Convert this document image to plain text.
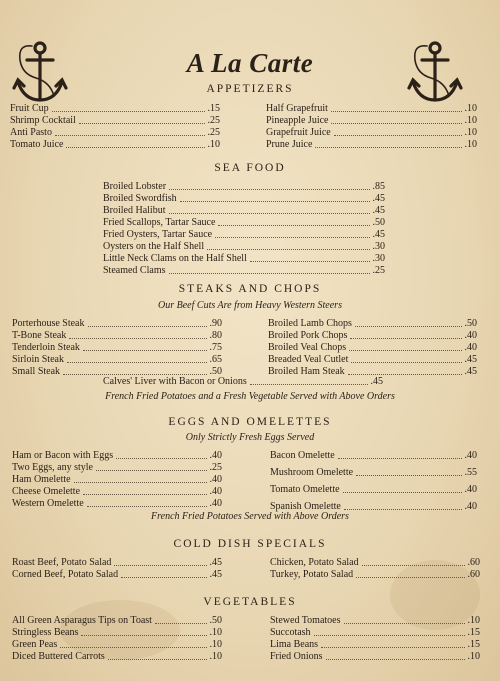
A La Carte
APPETIZERS
Fruit Cup	.15
Shrimp Cocktail	.25
Anti Pasto	.25
Tomato Juice	.10
Half Grapefruit	.10
Pineapple Juice	.10
Grapefruit Juice	.10
Prune Juice	.10
SEA FOOD
Broiled Lobster	.85
Broiled Swordfish	.45
Broiled Halibut	.45
Fried Scallops, Tartar Sauce	.50
Fried Oysters, Tartar Sauce	.45
Oysters on the Half Shell	.30
Little Neck Clams on the Half Shell	.30
Steamed Clams	.25
STEAKS AND CHOPS
Our Beef Cuts Are from Heavy Western Steers
Porterhouse Steak	.90
T-Bone Steak	.80
Tenderloin Steak	.75
Sirloin Steak	.65
Small Steak	.50
Broiled Lamb Chops	.50
Broiled Pork Chops	.40
Broiled Veal Chops	.40
Breaded Veal Cutlet	.45
Broiled Ham Steak	.45
Calves' Liver with Bacon or Onions	.45
French Fried Potatoes and a Fresh Vegetable Served with Above Orders
EGGS AND OMELETTES
Only Strictly Fresh Eggs Served
Ham or Bacon with Eggs	.40
Two Eggs, any style	.25
Ham Omelette	.40
Cheese Omelette	.40
Western Omelette	.40
Bacon Omelette	.40
Mushroom Omelette	.55
Tomato Omelette	.40
Spanish Omelette	.40
French Fried Potatoes Served with Above Orders
COLD DISH SPECIALS
Roast Beef, Potato Salad	.45
Corned Beef, Potato Salad	.45
Chicken, Potato Salad	.60
Turkey, Potato Salad	.60
VEGETABLES
All Green Asparagus Tips on Toast	.50
Stringless Beans	.10
Green Peas	.10
Diced Buttered Carrots	.10
Stewed Tomatoes	.10
Succotash	.15
Lima Beans	.15
Fried Onions	.10
